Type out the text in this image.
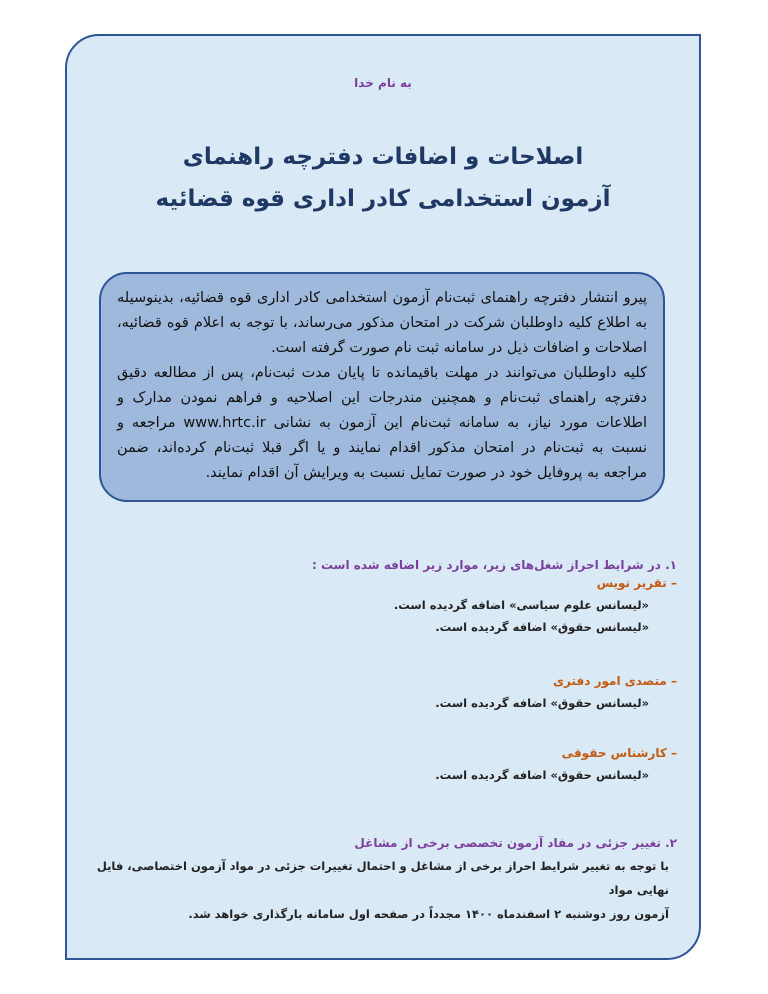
به نام خدا
اصلاحات و اضافات دفترچه راهنمای
آزمون استخدامی کادر اداری قوه قضائیه

پیرو انتشار دفترچه راهنمای ثبت‌نام آزمون استخدامی کادر اداری قوه قضائیه، بدینوسیله به اطلاع کلیه داوطلبان شرکت در امتحان مذکور می‌رساند، با توجه به اعلام قوه قضائیه، اصلاحات و اضافات ذیل در سامانه ثبت نام صورت گرفته است.

کلیه داوطلبان می‌توانند در مهلت باقیمانده تا پایان مدت ثبت‌نام، پس از مطالعه دقیق دفترچه راهنمای ثبت‌نام و همچنین مندرجات این اصلاحیه و فراهم نمودن مدارک و اطلاعات مورد نیاز، به سامانه ثبت‌نام این آزمون به نشانی www.hrtc.ir مراجعه و نسبت به ثبت‌نام در امتحان مذکور اقدام نمایند و یا اگر قبلا ثبت‌نام کرده‌اند، ضمن مراجعه به پروفایل خود در صورت تمایل نسبت به ویرایش آن اقدام نمایند.

۱. در شرایط احراز شغل‌های زیر، موارد زیر اضافه شده است :
– تقریر نویس
«لیسانس علوم سیاسی» اضافه گردیده است.
«لیسانس حقوق» اضافه گردیده است.
– متصدی امور دفتری
«لیسانس حقوق» اضافه گردیده است.
– کارشناس حقوقی
«لیسانس حقوق» اضافه گردیده است.
۲. تغییر جزئی در مفاد آزمون تخصصی برخی از مشاغل
با توجه به تغییر شرایط احراز برخی از مشاغل و احتمال تغییرات جزئی در مواد آزمون اختصاصی، فایل نهایی مواد
آزمون روز دوشنبه ۲ اسفندماه ۱۴۰۰ مجدداً در صفحه اول سامانه بارگذاری خواهد شد.
